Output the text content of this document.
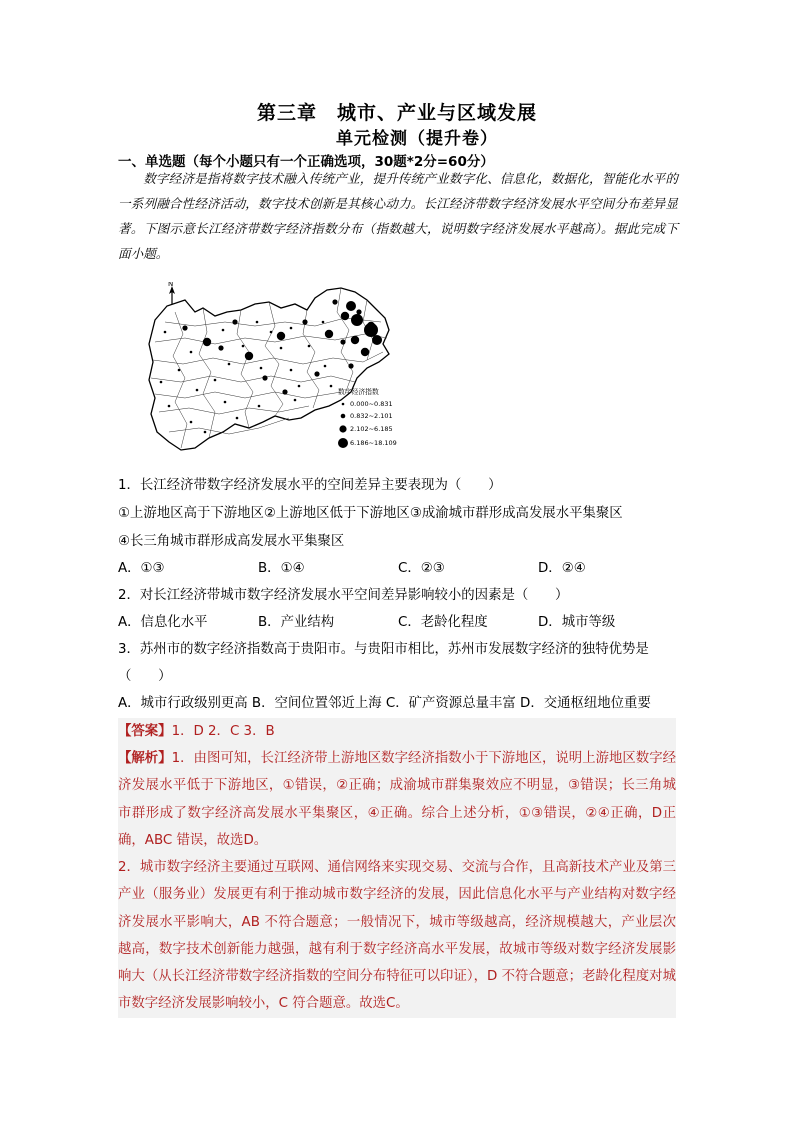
第三章　城市、产业与区域发展
单元检测（提升卷）
一、单选题（每个小题只有一个正确选项，30题*2分=60分）
数字经济是指将数字技术融入传统产业，提升传统产业数字化、信息化，数据化，智能化水平的一系列融合性经济活动，数字技术创新是其核心动力。长江经济带数字经济发展水平空间分布差异显著。下图示意长江经济带数字经济指数分布（指数越大，说明数字经济发展水平越高）。据此完成下面小题。
N
数字经济指数
0.000~0.831
0.832~2.101
2.102~6.185
6.186~18.109
1．长江经济带数字经济发展水平的空间差异主要表现为（　　）
①上游地区高于下游地区②上游地区低于下游地区③成渝城市群形成高发展水平集聚区
④长三角城市群形成高发展水平集聚区
A．①③	B．①④	C．②③	D．②④
2．对长江经济带城市数字经济发展水平空间差异影响较小的因素是（　　）
A．信息化水平	B．产业结构	C．老龄化程度	D．城市等级
3．苏州市的数字经济指数高于贵阳市。与贵阳市相比，苏州市发展数字经济的独特优势是
（　　）
A．城市行政级别更高 B．空间位置邻近上海 C．矿产资源总量丰富 D．交通枢纽地位重要
【答案】1．D 2．C 3．B
【解析】1．由图可知，长江经济带上游地区数字经济指数小于下游地区，说明上游地区数字经济发展水平低于下游地区，①错误，②正确；成渝城市群集聚效应不明显，③错误；长三角城市群形成了数字经济高发展水平集聚区，④正确。综合上述分析，①③错误，②④正确，D正确，ABC 错误，故选D。
2．城市数字经济主要通过互联网、通信网络来实现交易、交流与合作，且高新技术产业及第三产业（服务业）发展更有利于推动城市数字经济的发展，因此信息化水平与产业结构对数字经济发展水平影响大，AB 不符合题意；一般情况下，城市等级越高，经济规模越大，产业层次越高，数字技术创新能力越强，越有利于数字经济高水平发展，故城市等级对数字经济发展影响大（从长江经济带数字经济指数的空间分布特征可以印证），D 不符合题意；老龄化程度对城市数字经济发展影响较小，C 符合题意。故选C。
